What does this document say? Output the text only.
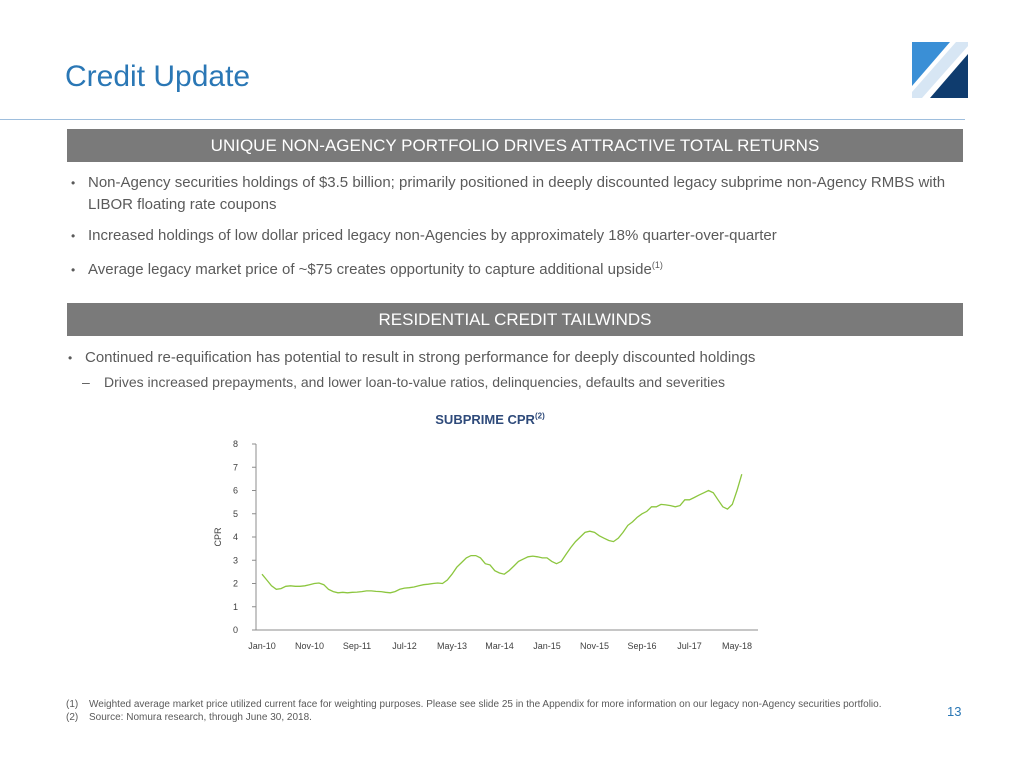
Credit Update
UNIQUE NON-AGENCY PORTFOLIO DRIVES ATTRACTIVE TOTAL RETURNS
• Non-Agency securities holdings of $3.5 billion; primarily positioned in deeply discounted legacy subprime non-Agency RMBS with LIBOR floating rate coupons
• Increased holdings of low dollar priced legacy non-Agencies by approximately 18% quarter-over-quarter
• Average legacy market price of ~$75 creates opportunity to capture additional upside$^{(1)}$
RESIDENTIAL CREDIT TAILWINDS
• Continued re-equification has potential to result in strong performance for deeply discounted holdings
– Drives increased prepayments, and lower loan-to-value ratios, delinquencies, defaults and severities
SUBPRIME CPR$^{(2)}$
0
1
2
3
4
5
6
7
8
Jan-10 Nov-10 Sep-11 Jul-12 May-13 Mar-14 Jan-15 Nov-15 Sep-16 Jul-17 May-18
CPR
(1) Weighted average market price utilized current face for weighting purposes. Please see slide 25 in the Appendix for more information on our legacy non-Agency securities portfolio.
(2) Source: Nomura research, through June 30, 2018.	13
